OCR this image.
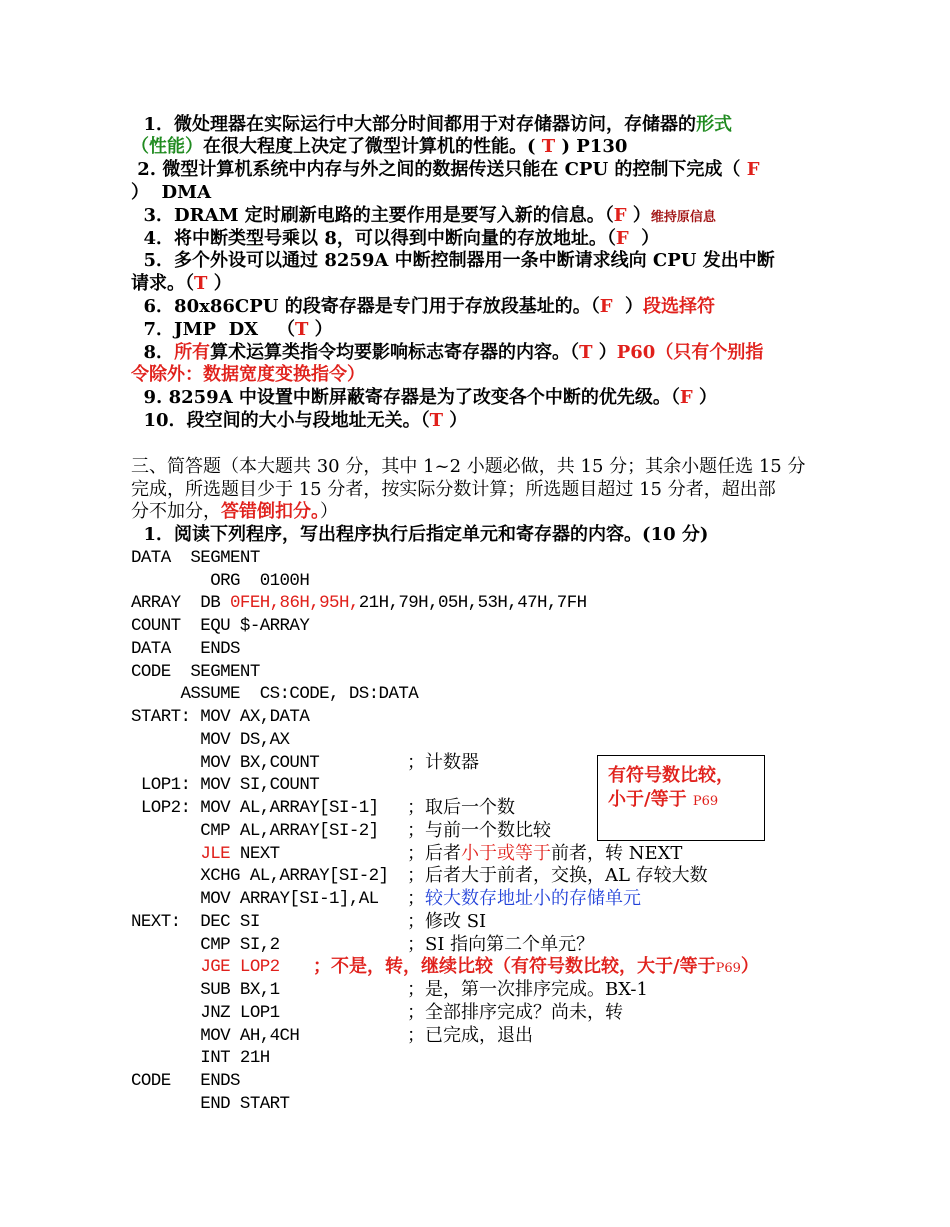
1．微处理器在实际运行中大部分时间都用于对存储器访问，存储器的形式
（性能）在很大程度上决定了微型计算机的性能。( T ) P130
2. 微型计算机系统中内存与外之间的数据传送只能在 CPU 的控制下完成（ F
）  DMA
3．DRAM 定时刷新电路的主要作用是要写入新的信息。（F ）维持原信息
4．将中断类型号乘以 8，可以得到中断向量的存放地址。（F ）
5．多个外设可以通过 8259A 中断控制器用一条中断请求线向 CPU 发出中断
请求。（T ）
6．80x86CPU 的段寄存器是专门用于存放段基址的。（F ）段选择符
7．JMP  DX   （T ）
8．所有算术运算类指令均要影响标志寄存器的内容。（T ）P60（只有个别指
令除外：数据宽度变换指令）
9. 8259A 中设置中断屏蔽寄存器是为了改变各个中断的优先级。（F ）
10．段空间的大小与段地址无关。（T ）
三、简答题（本大题共 30 分，其中 1~2 小题必做，共 15 分；其余小题任选 15 分
完成，所选题目少于 15 分者，按实际分数计算；所选题目超过 15 分者，超出部
分不加分，答错倒扣分。）
1．阅读下列程序，写出程序执行后指定单元和寄存器的内容。(10 分)
DATA  SEGMENT
ORG  0100H
ARRAY  DB 0FEH,86H,95H,21H,79H,05H,53H,47H,7FH
COUNT  EQU $-ARRAY
DATA   ENDS
CODE  SEGMENT
ASSUME  CS:CODE, DS:DATA
START: MOV AX,DATA
MOV DS,AX
MOV BX,COUNT	；计数器
LOP1: MOV SI,COUNT
LOP2: MOV AL,ARRAY[SI-1] ；取后一个数
CMP AL,ARRAY[SI-2] ；与前一个数比较
JLE NEXT	；后者小于或等于前者，转 NEXT
XCHG AL,ARRAY[SI-2] ；后者大于前者，交换，AL 存较大数
MOV ARRAY[SI-1],AL ；较大数存地址小的存储单元
NEXT:  DEC SI	；修改 SI
CMP SI,2	；SI 指向第二个单元？
JGE LOP2 ；不是，转，继续比较（有符号数比较，大于/等于P69）
SUB BX,1	；是，第一次排序完成。BX-1
JNZ LOP1	；全部排序完成？尚未，转
MOV AH,4CH	；已完成，退出
INT 21H
CODE   ENDS
END START
有符号数比较，
小于/等于 P69
